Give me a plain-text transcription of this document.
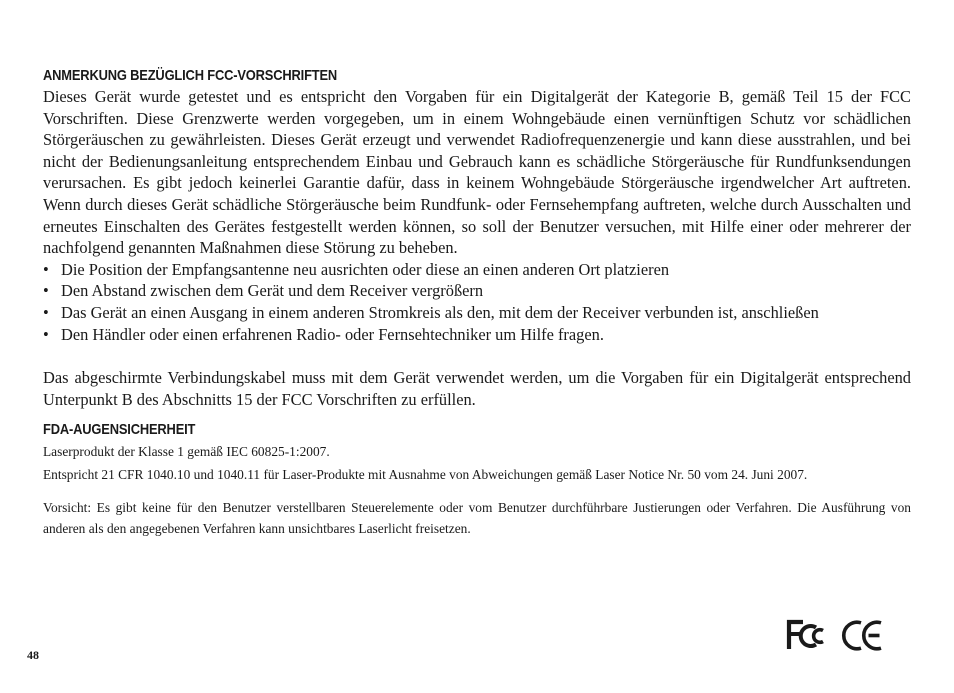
ANMERKUNG BEZÜGLICH FCC-VORSCHRIFTEN

Dieses Gerät wurde getestet und es entspricht den Vorgaben für ein Digitalgerät der Kategorie B, gemäß Teil 15 der FCC Vorschriften. Diese Grenzwerte werden vorgegeben, um in einem Wohngebäude einen vernünftigen Schutz vor schädlichen Störgeräuschen zu gewährleisten. Dieses Gerät erzeugt und verwendet Radiofrequenzenergie und kann diese ausstrahlen, und bei nicht der Bedienungsanleitung entsprechendem Einbau und Gebrauch kann es schädliche Störgeräusche für Rundfunksendungen verursachen. Es gibt jedoch keinerlei Garantie dafür, dass in keinem Wohngebäude Störgeräusche irgendwelcher Art auftreten. Wenn durch dieses Gerät schädliche Störgeräusche beim Rundfunk- oder Fernsehempfang auftreten, welche durch Ausschalten und erneutes Einschalten des Gerätes festgestellt werden können, so soll der Benutzer versuchen, mit Hilfe einer oder mehrerer der nachfolgend genannten Maßnahmen diese Störung zu beheben.

• Die Position der Empfangsantenne neu ausrichten oder diese an einen anderen Ort platzieren
• Den Abstand zwischen dem Gerät und dem Receiver vergrößern
• Das Gerät an einen Ausgang in einem anderen Stromkreis als den, mit dem der Receiver verbunden ist, anschließen
• Den Händler oder einen erfahrenen Radio- oder Fernsehtechniker um Hilfe fragen.

Das abgeschirmte Verbindungskabel muss mit dem Gerät verwendet werden, um die Vorgaben für ein Digitalgerät entsprechend Unterpunkt B des Abschnitts 15 der FCC Vorschriften zu erfüllen.

FDA-AUGENSICHERHEIT

Laserprodukt der Klasse 1 gemäß IEC 60825-1:2007.

Entspricht 21 CFR 1040.10 und 1040.11 für Laser-Produkte mit Ausnahme von Abweichungen gemäß Laser Notice Nr. 50 vom 24. Juni 2007.

Vorsicht: Es gibt keine für den Benutzer verstellbaren Steuerelemente oder vom Benutzer durchführbare Justierungen oder Verfahren. Die Ausführung von anderen als den angegebenen Verfahren kann unsichtbares Laserlicht freisetzen.

48
